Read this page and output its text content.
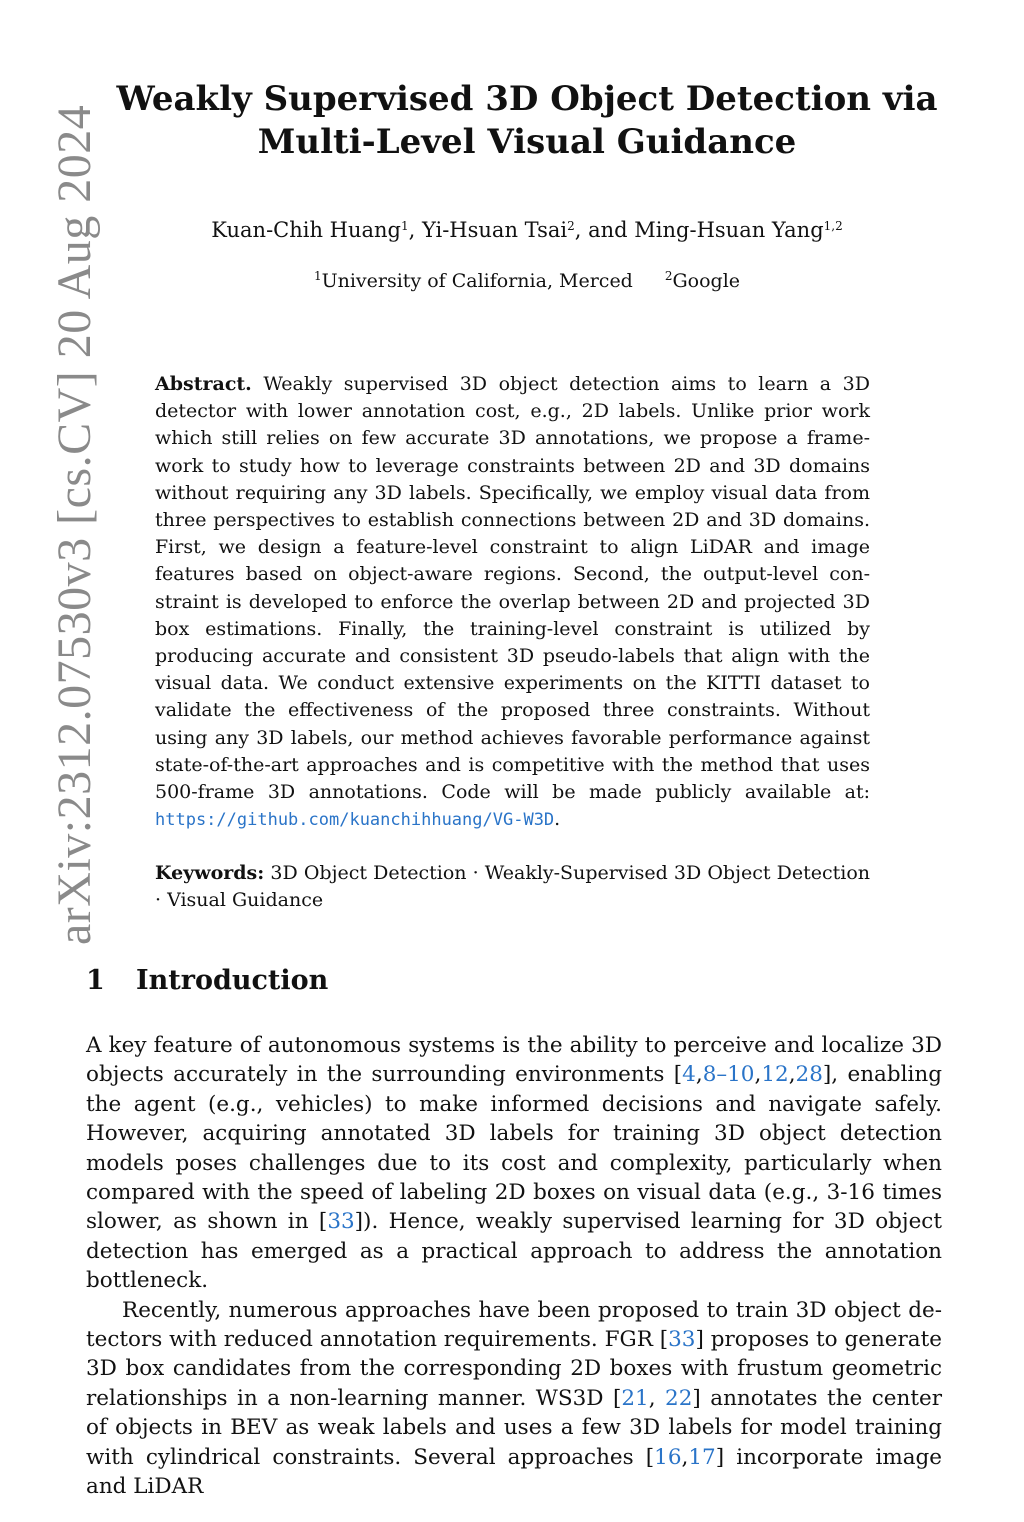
arXiv:2312.07530v3 [cs.CV] 20 Aug 2024
Weakly Supervised 3D Object Detection via
Multi-Level Visual Guidance
Kuan-Chih Huang$^1$, Yi-Hsuan Tsai$^2$, and Ming-Hsuan Yang$^{1,2}$
$^1$University of California, Merced	$^2$Google

Abstract. Weakly supervised 3D object detection aims to learn a 3D detector with lower annotation cost, e.g., 2D labels. Unlike prior work which still relies on few accurate 3D annotations, we propose a framework to study how to leverage constraints between 2D and 3D domains without requiring any 3D labels. Specifically, we employ visual data from three perspectives to establish connections between 2D and 3D domains. First, we design a feature-level constraint to align LiDAR and image features based on object-aware regions. Second, the output-level constraint is developed to enforce the overlap between 2D and projected 3D box estimations. Finally, the training-level constraint is utilized by producing accurate and consistent 3D pseudo-labels that align with the visual data. We conduct extensive experiments on the KITTI dataset to validate the effectiveness of the proposed three constraints. Without using any 3D labels, our method achieves favorable performance against state-of-the-art approaches and is competitive with the method that uses 500-frame 3D annotations. Code will be made publicly available at: https://github.com/kuanchihhuang/VG-W3D.

Keywords: 3D Object Detection · Weakly-Supervised 3D Object Detection · Visual Guidance

1 Introduction

A key feature of autonomous systems is the ability to perceive and localize 3D objects accurately in the surrounding environments [4,8–10,12,28], enabling the agent (e.g., vehicles) to make informed decisions and navigate safely. However, acquiring annotated 3D labels for training 3D object detection models poses challenges due to its cost and complexity, particularly when compared with the speed of labeling 2D boxes on visual data (e.g., 3-16 times slower, as shown in [33]). Hence, weakly supervised learning for 3D object detection has emerged as a practical approach to address the annotation bottleneck.

Recently, numerous approaches have been proposed to train 3D object detectors with reduced annotation requirements. FGR [33] proposes to generate 3D box candidates from the corresponding 2D boxes with frustum geometric relationships in a non-learning manner. WS3D [21, 22] annotates the center of objects in BEV as weak labels and uses a few 3D labels for model training with cylindrical constraints. Several approaches [16,17] incorporate image and LiDAR
